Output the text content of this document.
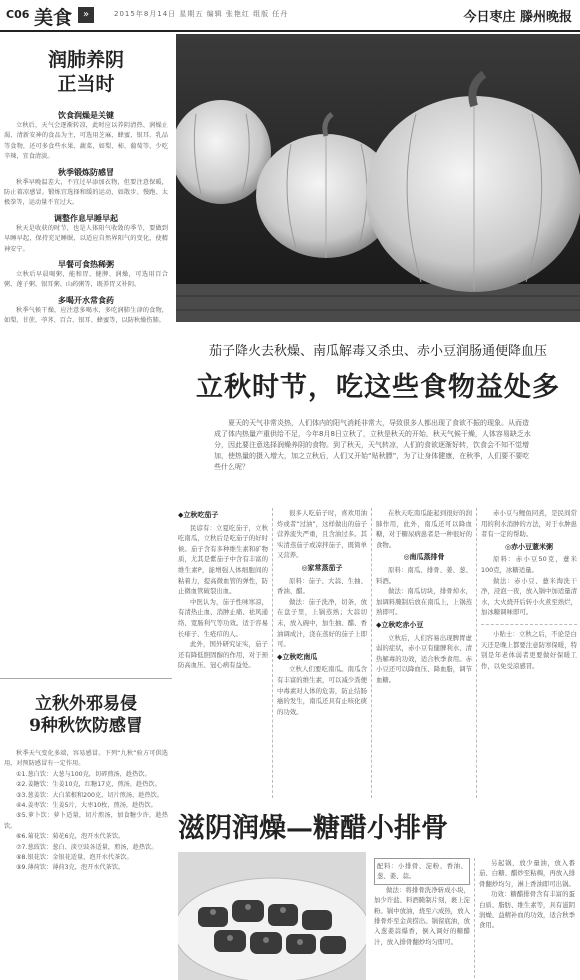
C06 美食	»	2015年8月14日 星期五 编辑 张艳红 组版 任丹	今日枣庄 滕州晚报
润肺养阴
正当时
饮食润燥是关键

立秋后，天气会逐渐转凉，此时应以养阴清热、润燥止渴、清新安神的食品为主，可选用芝麻、蜂蜜、银耳、乳品等食物，还可多食些水果、蔬菜，如梨、柿、葡萄等，少吃辛辣，宜食清淡。

秋季锻炼防感冒

秋季早晚温差大，不宜过早添加衣物，但要注意保暖，防止着凉感冒。锻炼宜选择和缓的运动，如散步、慢跑、太极拳等，运动量不宜过大。

调整作息早睡早起

秋天是收获的时节，也是人体阳气收敛的季节，要做到早睡早起，保持充足睡眠，以适应自然界阳气的变化，使精神安宁。

早餐可食热稀粥

立秋后早晨喝粥，能和胃、健脾、润燥，可选用百合粥、莲子粥、银耳粥、山药粥等，既养胃又补阴。

多喝开水常食药

秋季气候干燥，应注意多喝水，多吃润肺生津的食物，如梨、甘蔗、荸荠、百合、银耳、蜂蜜等，以防秋燥伤肺。

立秋外邪易侵
9种秋饮防感冒

秋季天气变化多端，容易感冒。下列“九秋”验方可供选用，对预防感冒有一定作用。

①1.葱白饮：大葱与100克，切碎煎汤，趁热饮。

②2.姜糖饮：生姜10克，红糖17克，煎汤，趁热饮。

③3.葱姜饮：大白菜根和200克，切片煎汤，趁热饮。

④4.姜枣饮：生姜5片，大枣10枚，煎汤，趁热饮。

⑤5.萝卜饮：萝卜适量，切片煎汤，加食糖少许，趁热饮。

⑥6.菊花饮：菊花6克，泡开水代茶饮。

⑦7.葱豉饮：葱白、淡豆豉各适量，煎汤，趁热饮。

⑧8.银花饮：金银花适量，泡开水代茶饮。

⑨9.薄荷饮：薄荷3克，泡开水代茶饮。

茄子降火去秋燥、南瓜解毒又杀虫、赤小豆润肠通便降血压
立秋时节，吃这些食物益处多

夏天的天气非常炎热，人们体内的阳气消耗非常大，导致很多人都出现了食欲不振的现象。从而造成了体内热量产重供给不足，今年8月8日立秋了，立秋是秋天的开始，秋天气候干燥，人体容易缺乏水分，因此要注意选择润燥养阴的食物。到了秋天，天气转凉，人们的食欲逐渐好转，饮食会不知不觉增加，使热量的摄入增大，加之立秋后，人们又开始“贴秋膘”，为了让身体健康，在秋季，人们要不要吃些什么呢？

◆立秋吃茄子

民谚有：立夏吃茄子，立秋吃南瓜，立秋后是吃茄子的好时候。茄子含有多种维生素和矿物质，尤其是紫茄子中含有丰富的维生素P，能增强人体细胞间的粘着力，提高微血管的弹性，防止微血管破裂出血。

中医认为，茄子性味寒凉，有清热止血、消肿止痛、祛风通络、宽肠利气等功效。适于容易长痱子、生疮疖的人。

此外，国外研究证实，茄子还有降低胆固醇的作用，对于预防高血压、冠心病有益处。

很多人吃茄子时，喜欢用油炸或者“过油”，这样做出的茄子营养流失严重，且含油过多。其实清蒸茄子或凉拌茄子，既简单又营养。

◎家常蒸茄子

原料：茄子、大蒜、生抽、香油、醋。

做法：茄子洗净，切条，放在盘子里，上锅蒸熟；大蒜切末，放入碗中，加生抽、醋、香油调成汁，浇在蒸好的茄子上即可。

◆立秋吃南瓜

立秋人们要吃南瓜。南瓜含有丰富的维生素，可以减少粪便中毒素对人体的危害，防止结肠癌的发生，南瓜还具有止咳化痰的功效。

在秋天吃南瓜能起到很好的润肺作用，此外，南瓜还可以降血糖，对于糖尿病患者是一种很好的食物。

◎南瓜蒸排骨

原料：南瓜、排骨、姜、葱、料酒。

做法：南瓜切块，排骨焯水，加调料腌制后放在南瓜上，上锅蒸熟即可。

◆立秋吃赤小豆

立秋后，人们容易出现脾胃虚弱的症状，赤小豆有健脾利水、清热解毒的功效，适合秋季食用。赤小豆还可以降血压、降血脂，调节血糖。

赤小豆与鲤鱼同煮，是民间常用的利水消肿的方法，对于水肿患者有一定的帮助。

◎赤小豆薏米粥

原料：赤小豆50克，薏米100克，冰糖适量。

做法：赤小豆、薏米淘洗干净，浸泡一夜，放入锅中加适量清水，大火烧开后转小火煮至熟烂，加冰糖调味即可。

小贴士：立秋之后，不论是白天还是晚上都要注意防寒保暖，特别是年老体弱者更要做好保暖工作，以免受凉感冒。

滋阴润燥—糖醋小排骨

配料：小排骨、淀粉、香油、葱、姜、蒜。

做法：将排骨洗净斩成小块，加少许盐、料酒腌制片刻，裹上淀粉。锅中放油，烧至六成热，放入排骨炸至金黄捞出。锅留底油，放入葱姜蒜爆香，倒入调好的糖醋汁，放入排骨翻炒均匀即可。

另起锅，放少量油，放入番茄、白糖、醋炒至粘稠，再放入排骨翻炒均匀，淋上香油即可出锅。

功效：糖醋排骨含有丰富的蛋白质、脂肪、维生素等，具有滋阴润燥、益精补血的功效，适合秋季食用。
